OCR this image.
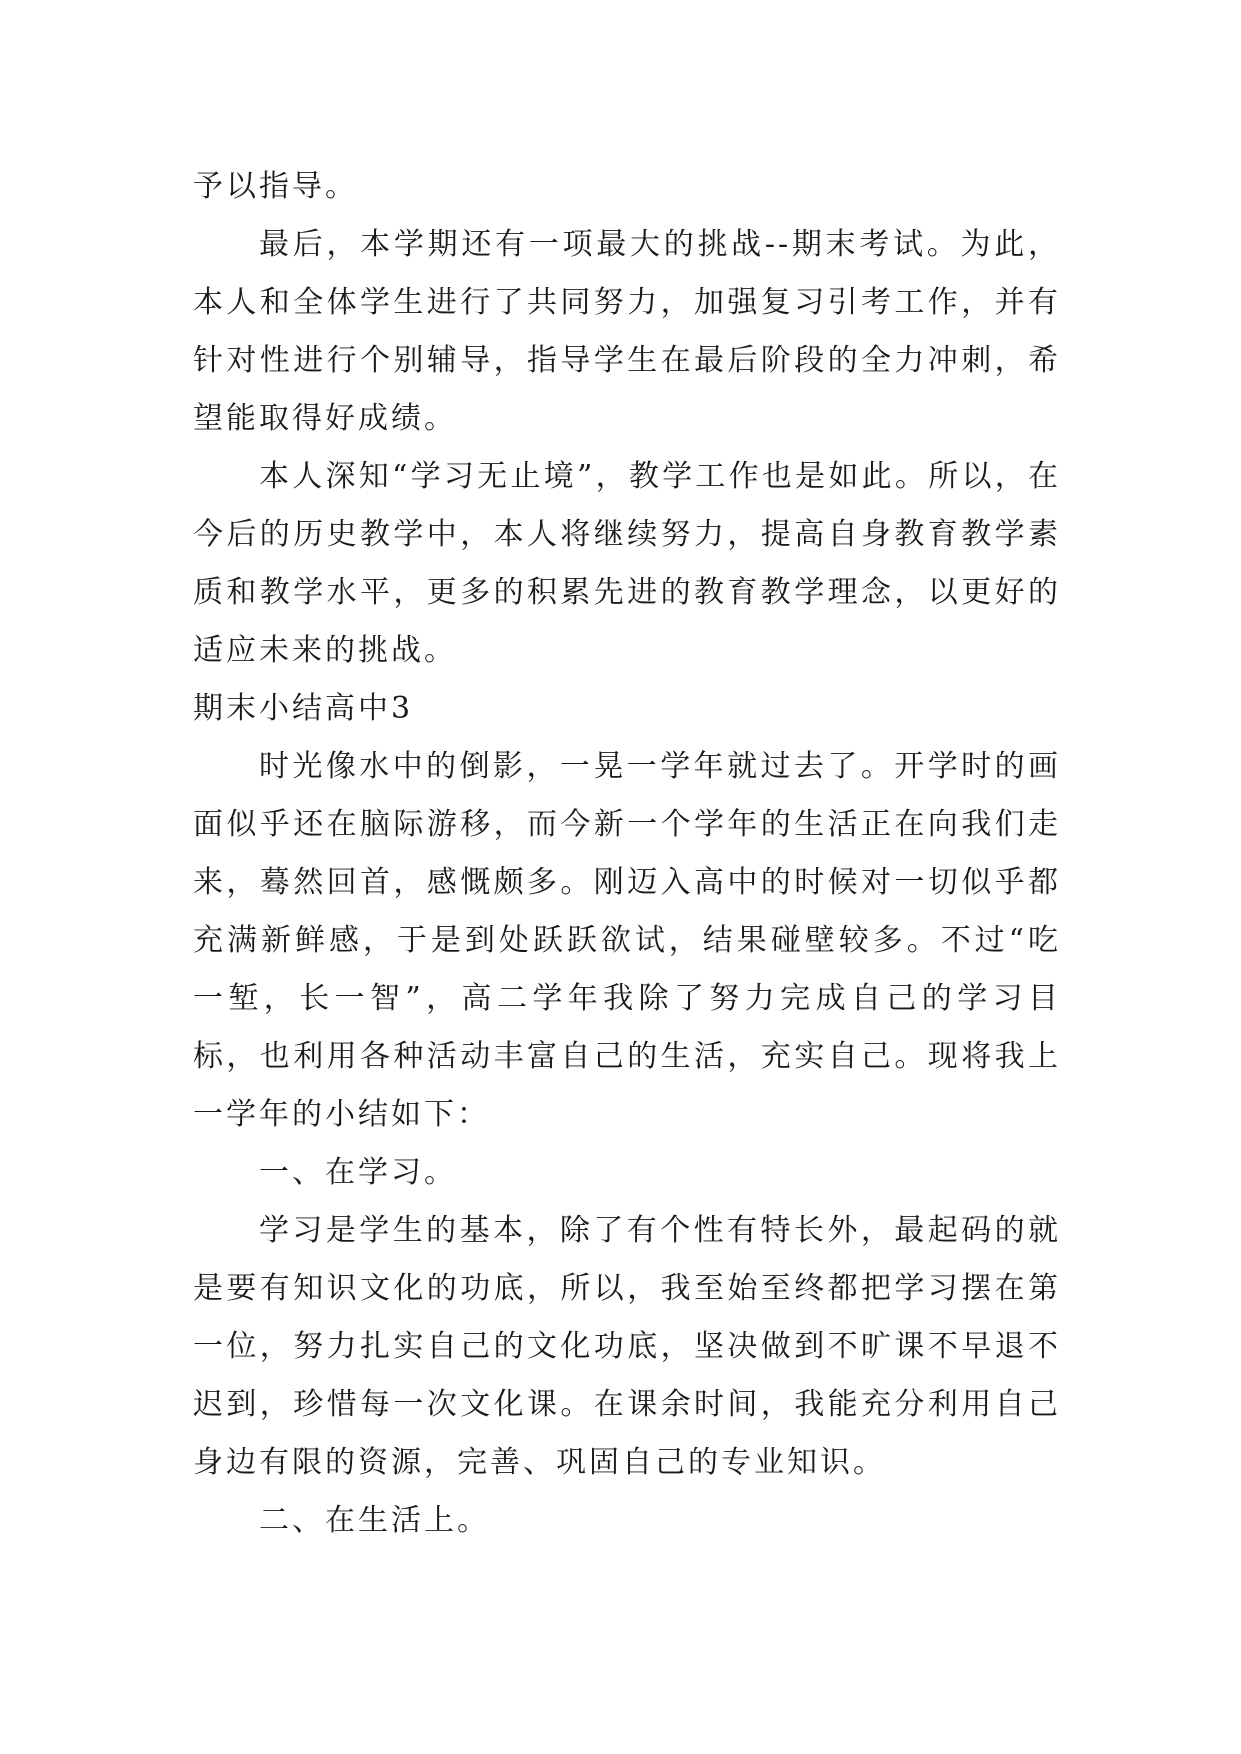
予以指导。

最后，本学期还有一项最大的挑战--期末考试。为此，本人和全体学生进行了共同努力，加强复习引考工作，并有针对性进行个别辅导，指导学生在最后阶段的全力冲刺，希望能取得好成绩。

本人深知“学习无止境”，教学工作也是如此。所以，在今后的历史教学中，本人将继续努力，提高自身教育教学素质和教学水平，更多的积累先进的教育教学理念，以更好的适应未来的挑战。

期末小结高中3

时光像水中的倒影，一晃一学年就过去了。开学时的画面似乎还在脑际游移，而今新一个学年的生活正在向我们走来，蓦然回首，感慨颇多。刚迈入高中的时候对一切似乎都充满新鲜感，于是到处跃跃欲试，结果碰壁较多。不过“吃一堑，长一智”，高二学年我除了努力完成自己的学习目标，也利用各种活动丰富自己的生活，充实自己。现将我上一学年的小结如下：

一、在学习。

学习是学生的基本，除了有个性有特长外，最起码的就是要有知识文化的功底，所以，我至始至终都把学习摆在第一位，努力扎实自己的文化功底，坚决做到不旷课不早退不迟到，珍惜每一次文化课。在课余时间，我能充分利用自己身边有限的资源，完善、巩固自己的专业知识。

二、在生活上。
